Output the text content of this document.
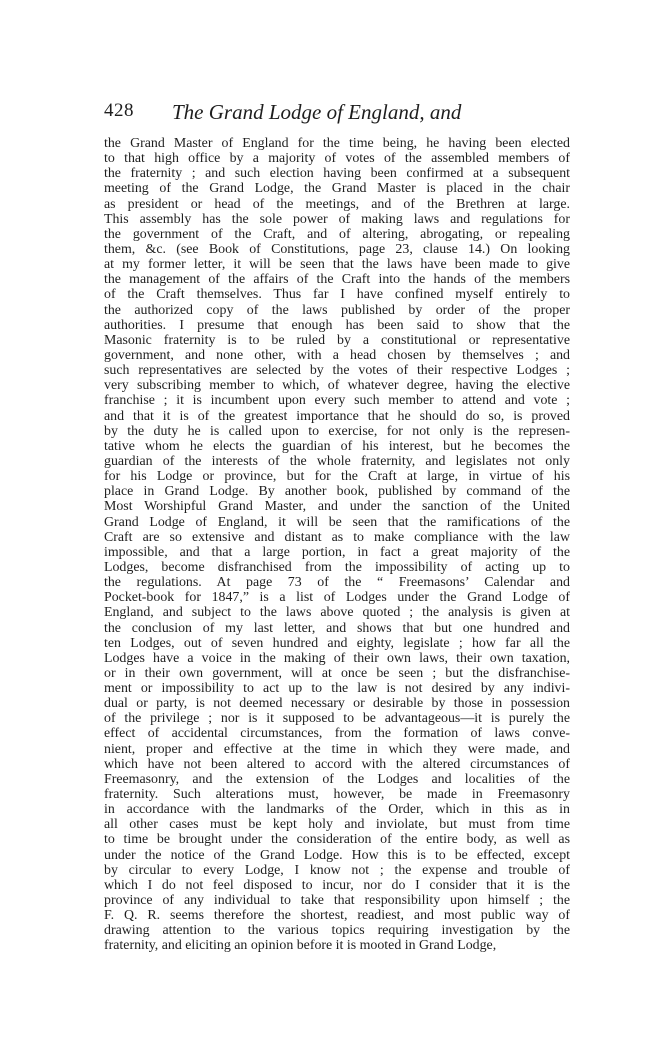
428 The Grand Lodge of England, and
the Grand Master of England for the time being, he having been elected
to that high office by a majority of votes of the assembled members of
the fraternity ; and such election having been confirmed at a subsequent
meeting of the Grand Lodge, the Grand Master is placed in the chair
as president or head of the meetings, and of the Brethren at large.
This assembly has the sole power of making laws and regulations for
the government of the Craft, and of altering, abrogating, or repealing
them, &c. (see Book of Constitutions, page 23, clause 14.) On looking
at my former letter, it will be seen that the laws have been made to give
the management of the affairs of the Craft into the hands of the members
of the Craft themselves. Thus far I have confined myself entirely to
the authorized copy of the laws published by order of the proper
authorities. I presume that enough has been said to show that the
Masonic fraternity is to be ruled by a constitutional or representative
government, and none other, with a head chosen by themselves ; and
such representatives are selected by the votes of their respective Lodges ;
very subscribing member to which, of whatever degree, having the elective
franchise ; it is incumbent upon every such member to attend and vote ;
and that it is of the greatest importance that he should do so, is proved
by the duty he is called upon to exercise, for not only is the represen-
tative whom he elects the guardian of his interest, but he becomes the
guardian of the interests of the whole fraternity, and legislates not only
for his Lodge or province, but for the Craft at large, in virtue of his
place in Grand Lodge. By another book, published by command of the
Most Worshipful Grand Master, and under the sanction of the United
Grand Lodge of England, it will be seen that the ramifications of the
Craft are so extensive and distant as to make compliance with the law
impossible, and that a large portion, in fact a great majority of the
Lodges, become disfranchised from the impossibility of acting up to
the regulations. At page 73 of the “ Freemasons’ Calendar and
Pocket-book for 1847,” is a list of Lodges under the Grand Lodge of
England, and subject to the laws above quoted ; the analysis is given at
the conclusion of my last letter, and shows that but one hundred and
ten Lodges, out of seven hundred and eighty, legislate ; how far all the
Lodges have a voice in the making of their own laws, their own taxation,
or in their own government, will at once be seen ; but the disfranchise-
ment or impossibility to act up to the law is not desired by any indivi-
dual or party, is not deemed necessary or desirable by those in possession
of the privilege ; nor is it supposed to be advantageous—it is purely the
effect of accidental circumstances, from the formation of laws conve-
nient, proper and effective at the time in which they were made, and
which have not been altered to accord with the altered circumstances of
Freemasonry, and the extension of the Lodges and localities of the
fraternity. Such alterations must, however, be made in Freemasonry
in accordance with the landmarks of the Order, which in this as in
all other cases must be kept holy and inviolate, but must from time
to time be brought under the consideration of the entire body, as well as
under the notice of the Grand Lodge. How this is to be effected, except
by circular to every Lodge, I know not ; the expense and trouble of
which I do not feel disposed to incur, nor do I consider that it is the
province of any individual to take that responsibility upon himself ; the
F. Q. R. seems therefore the shortest, readiest, and most public way of
drawing attention to the various topics requiring investigation by the
fraternity, and eliciting an opinion before it is mooted in Grand Lodge,
